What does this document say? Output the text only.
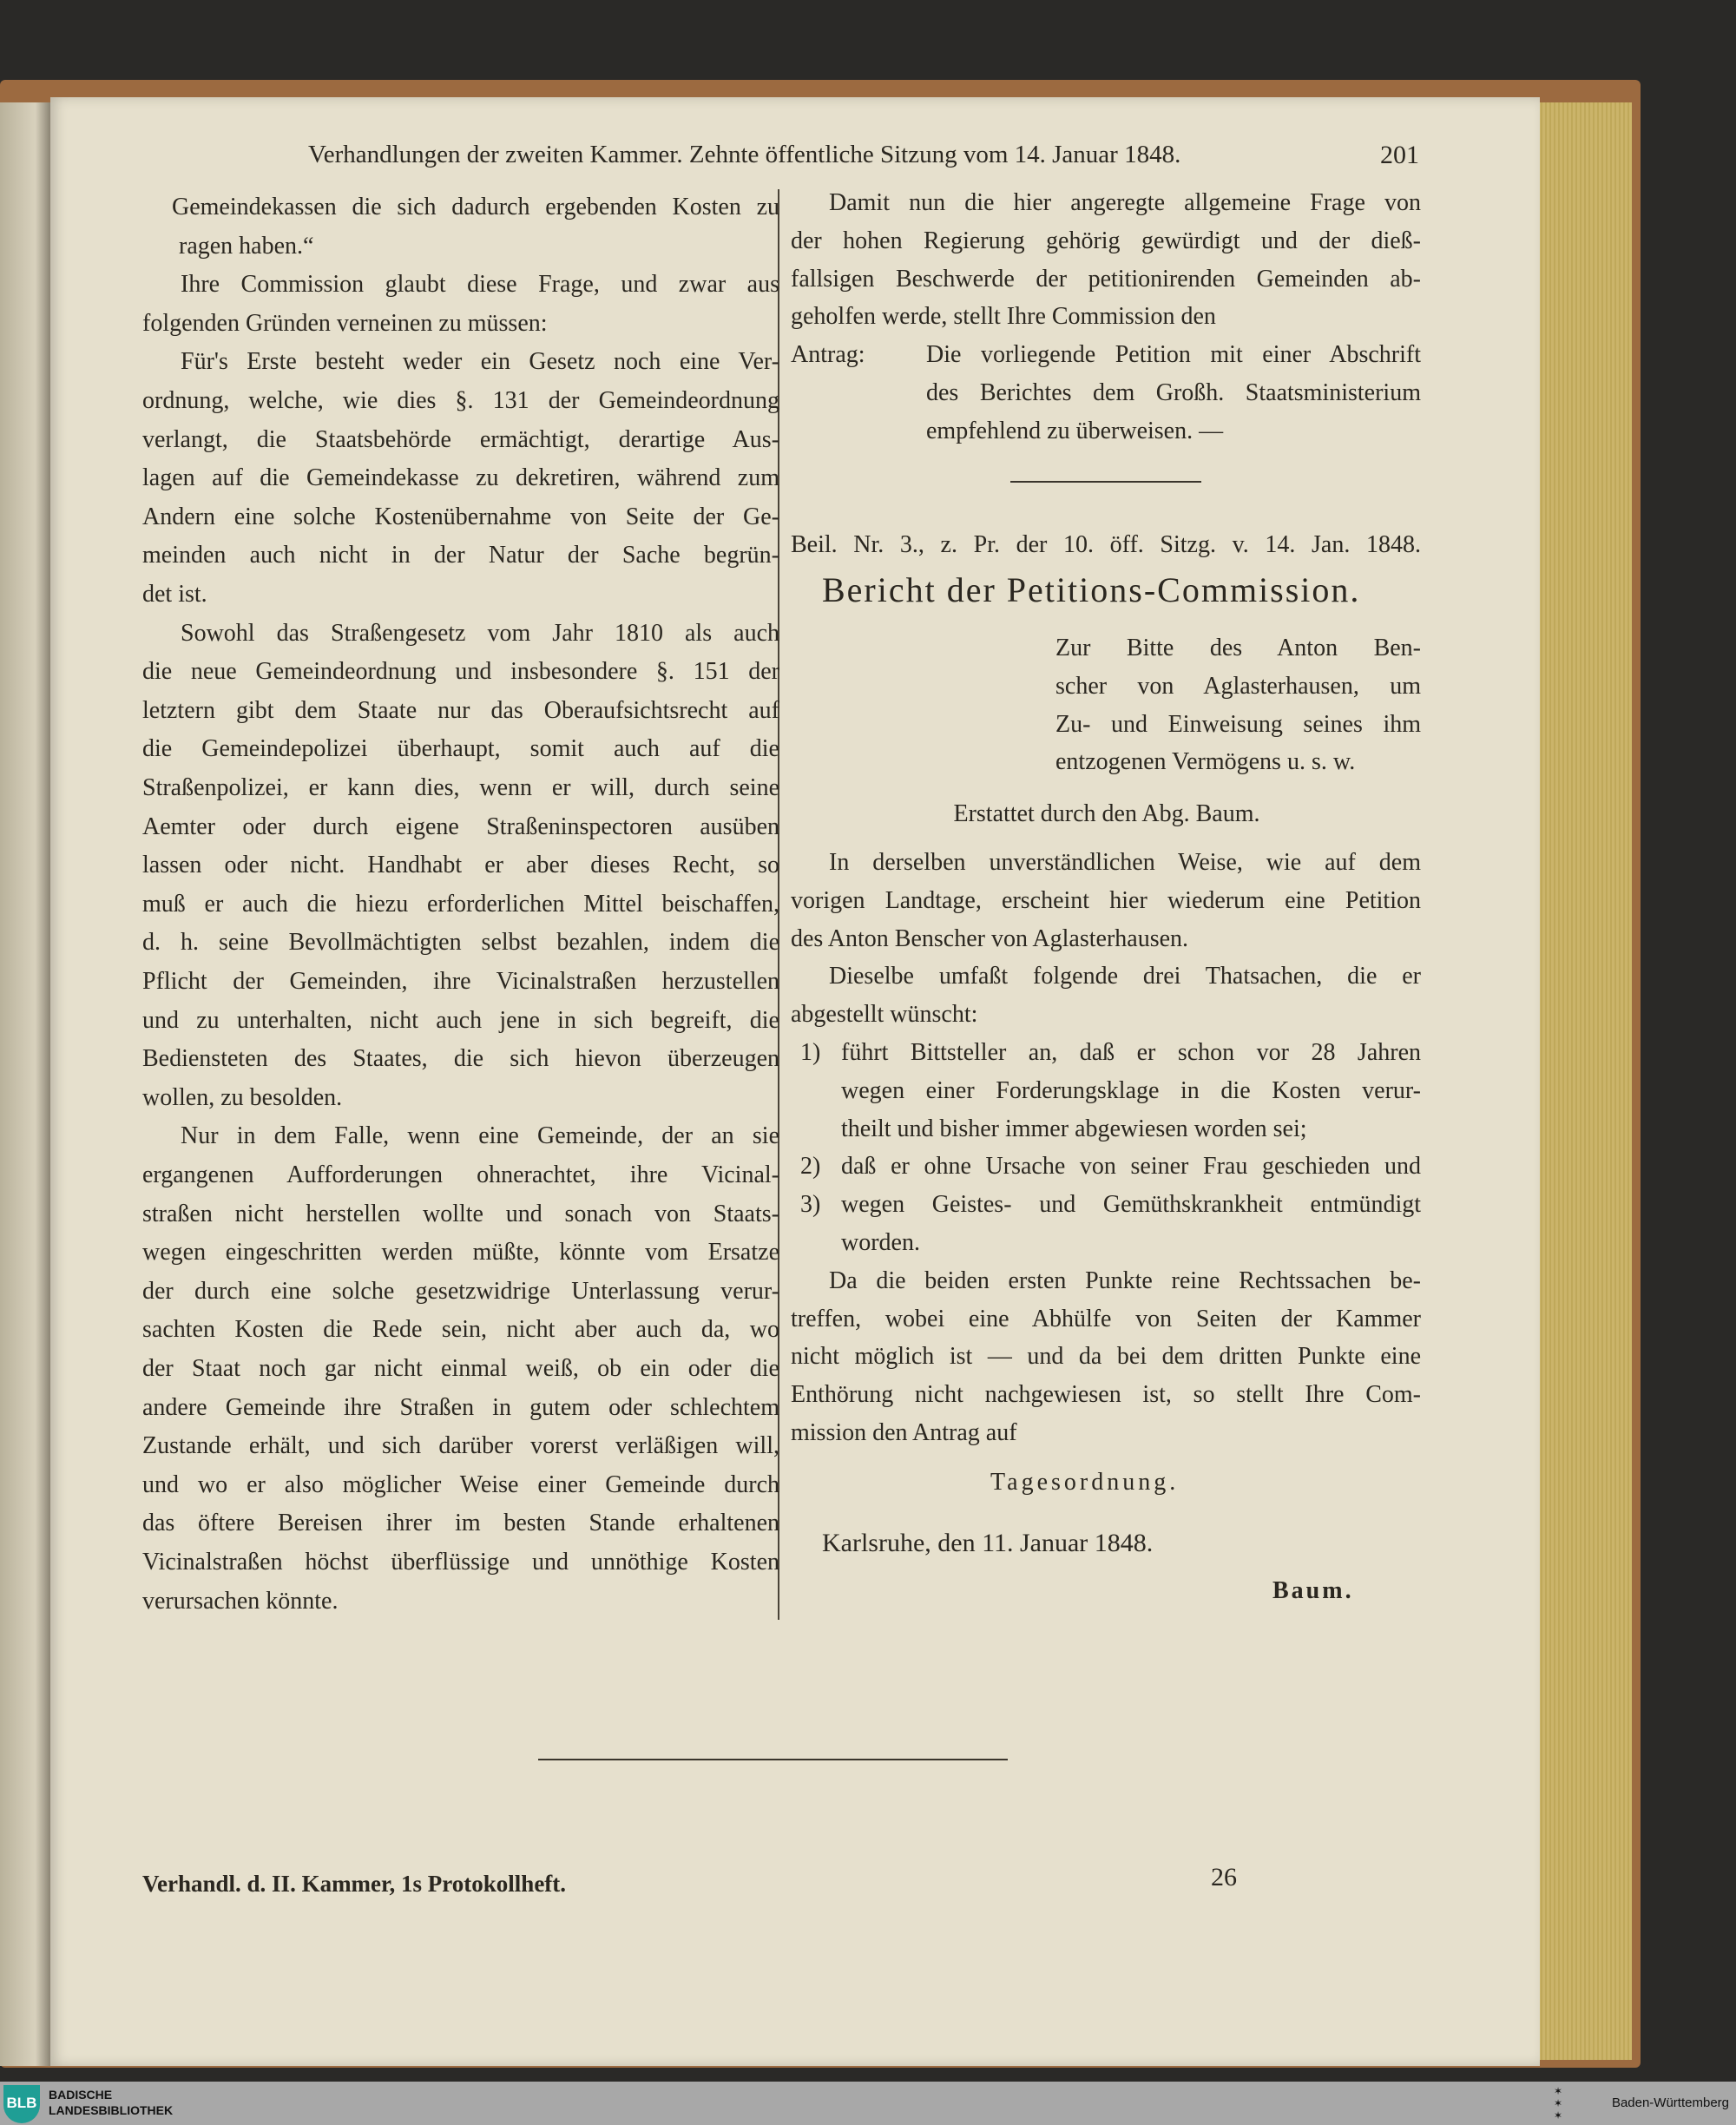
Verhandlungen der zweiten Kammer. Zehnte öffentliche Sitzung vom 14. Januar 1848.	201
Gemeindekassen die sich dadurch ergebenden Kosten zu
ragen haben.“
Ihre Commission glaubt diese Frage, und zwar aus
folgenden Gründen verneinen zu müssen:
Für's Erste besteht weder ein Gesetz noch eine Ver-
ordnung, welche, wie dies §. 131 der Gemeindeordnung
verlangt, die Staatsbehörde ermächtigt, derartige Aus-
lagen auf die Gemeindekasse zu dekretiren, während zum
Andern eine solche Kostenübernahme von Seite der Ge-
meinden auch nicht in der Natur der Sache begrün-
det ist.
Sowohl das Straßengesetz vom Jahr 1810 als auch
die neue Gemeindeordnung und insbesondere §. 151 der
letztern gibt dem Staate nur das Oberaufsichtsrecht auf
die Gemeindepolizei überhaupt, somit auch auf die
Straßenpolizei, er kann dies, wenn er will, durch seine
Aemter oder durch eigene Straßeninspectoren ausüben
lassen oder nicht. Handhabt er aber dieses Recht, so
muß er auch die hiezu erforderlichen Mittel beischaffen,
d. h. seine Bevollmächtigten selbst bezahlen, indem die
Pflicht der Gemeinden, ihre Vicinalstraßen herzustellen
und zu unterhalten, nicht auch jene in sich begreift, die
Bediensteten des Staates, die sich hievon überzeugen
wollen, zu besolden.
Nur in dem Falle, wenn eine Gemeinde, der an sie
ergangenen Aufforderungen ohnerachtet, ihre Vicinal-
straßen nicht herstellen wollte und sonach von Staats-
wegen eingeschritten werden müßte, könnte vom Ersatze
der durch eine solche gesetzwidrige Unterlassung verur-
sachten Kosten die Rede sein, nicht aber auch da, wo
der Staat noch gar nicht einmal weiß, ob ein oder die
andere Gemeinde ihre Straßen in gutem oder schlechtem
Zustande erhält, und sich darüber vorerst verläßigen will,
und wo er also möglicher Weise einer Gemeinde durch
das öftere Bereisen ihrer im besten Stande erhaltenen
Vicinalstraßen höchst überflüssige und unnöthige Kosten
verursachen könnte.
Damit nun die hier angeregte allgemeine Frage von
der hohen Regierung gehörig gewürdigt und der dieß-
fallsigen Beschwerde der petitionirenden Gemeinden ab-
geholfen werde, stellt Ihre Commission den
Antrag:	Die vorliegende Petition mit einer Abschrift
des Berichtes dem Großh. Staatsministerium
empfehlend zu überweisen. —
Zur Bitte des Anton Ben-
scher von Aglasterhausen, um
Zu- und Einweisung seines ihm
entzogenen Vermögens u. s. w.
In derselben unverständlichen Weise, wie auf dem
vorigen Landtage, erscheint hier wiederum eine Petition
des Anton Benscher von Aglasterhausen.
Dieselbe umfaßt folgende drei Thatsachen, die er
abgestellt wünscht:
1) führt Bittsteller an, daß er schon vor 28 Jahren
wegen einer Forderungsklage in die Kosten verur-
theilt und bisher immer abgewiesen worden sei;
2) daß er ohne Ursache von seiner Frau geschieden und
3) wegen Geistes- und Gemüthskrankheit entmündigt
worden.
Da die beiden ersten Punkte reine Rechtssachen be-
treffen, wobei eine Abhülfe von Seiten der Kammer
nicht möglich ist — und da bei dem dritten Punkte eine
Enthörung nicht nachgewiesen ist, so stellt Ihre Com-
mission den Antrag auf
Beil. Nr. 3., z. Pr. der 10. öff. Sitzg. v. 14. Jan. 1848.
Bericht der Petitions-Commission.
Erstattet durch den Abg. Baum.
Tagesordnung.
Karlsruhe, den 11. Januar 1848.
Baum.
Verhandl. d. II. Kammer, 1s Protokollheft.	26
BLB BADISCHE
LANDESBIBLIOTHEK
✶
✶
✶
Baden-Württemberg
